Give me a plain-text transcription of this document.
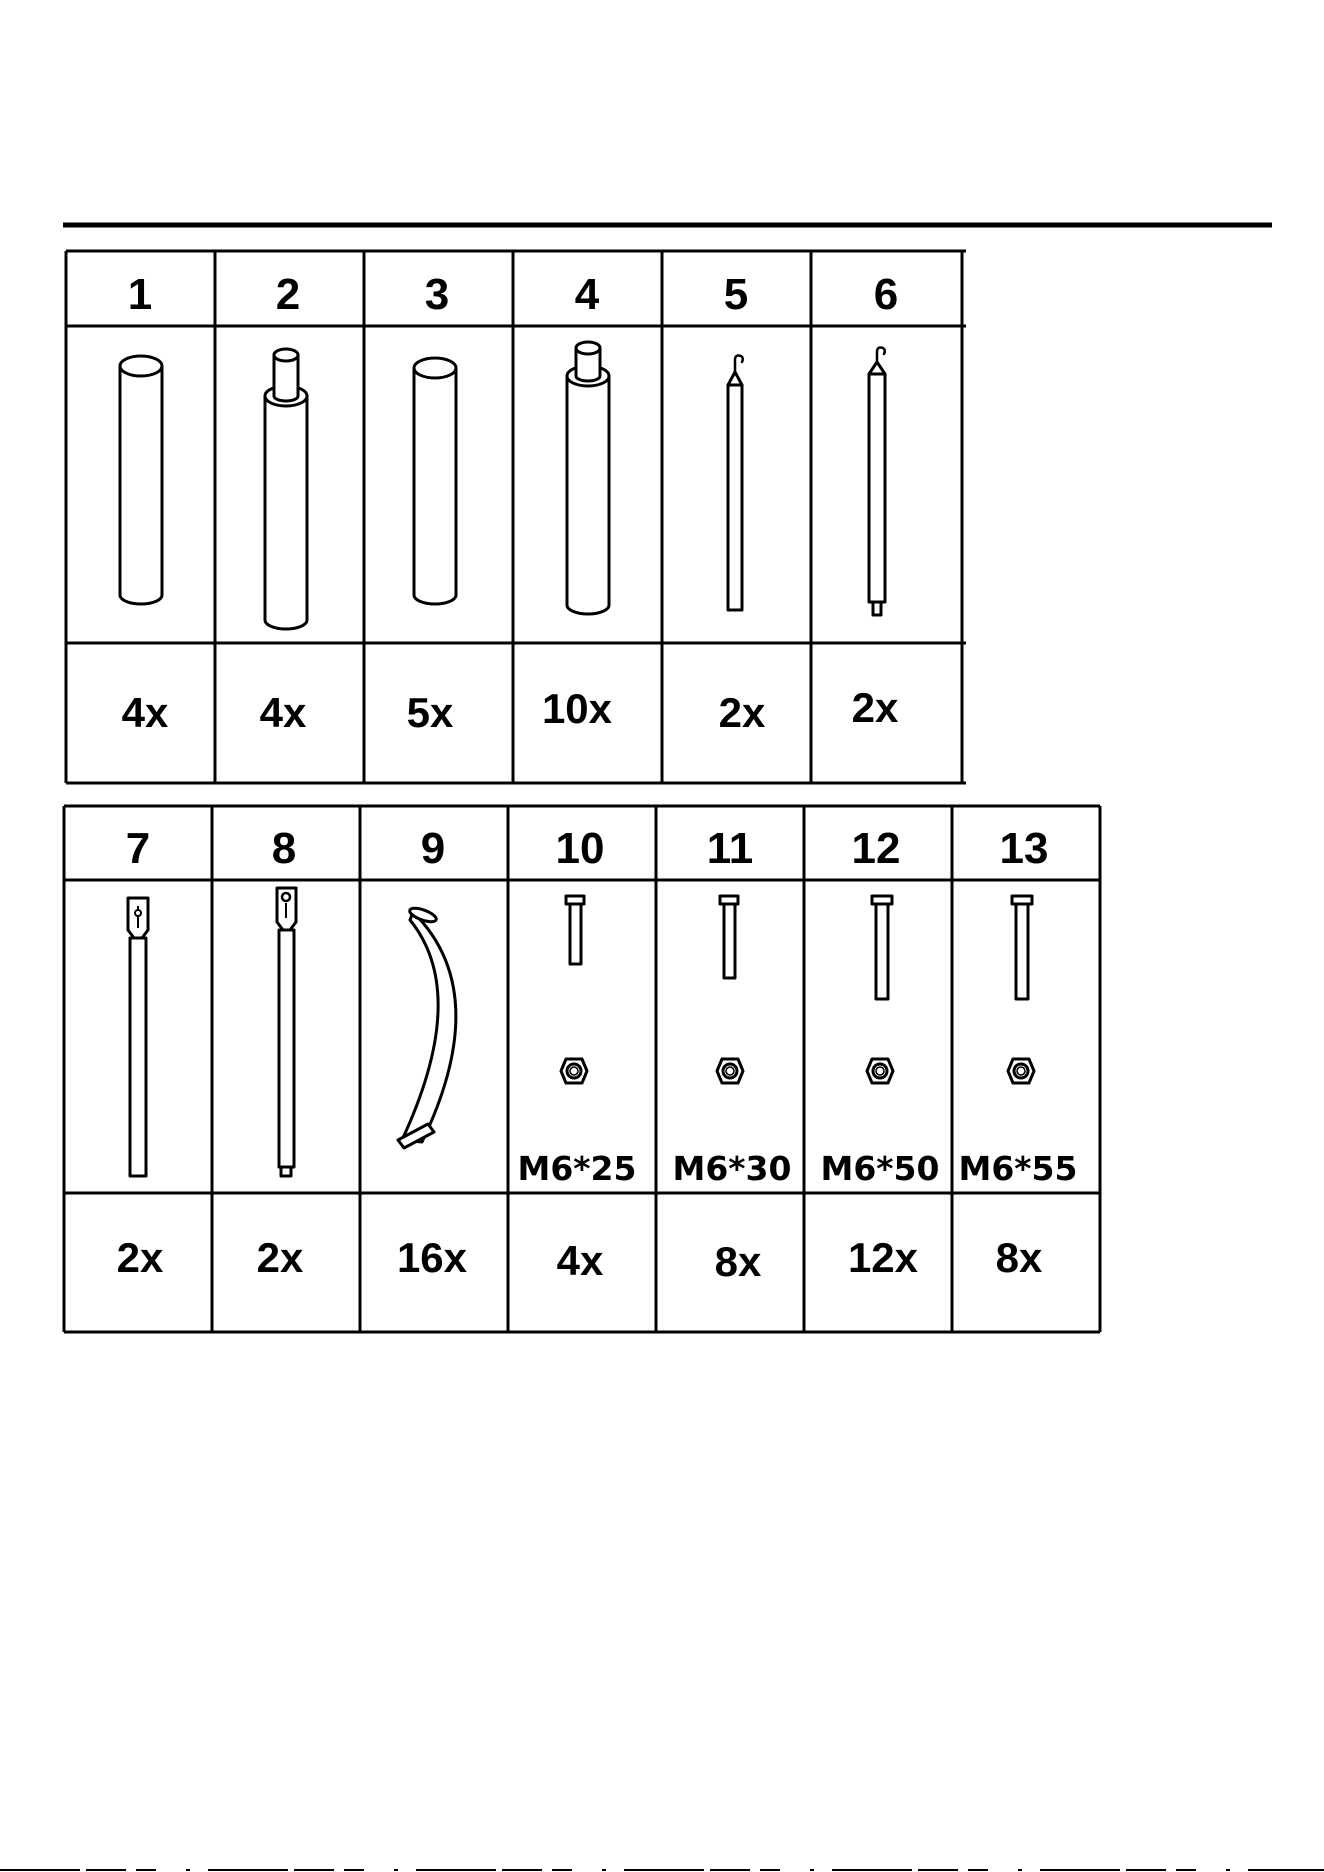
1	2	3	4	5	6
4x 4x 5x 10x	2x 2x
7	8	9	10 11 12 13
M6*25 M6*30 M6*50 M6*55
2x 2x 16x 4x	8x 12x 8x
